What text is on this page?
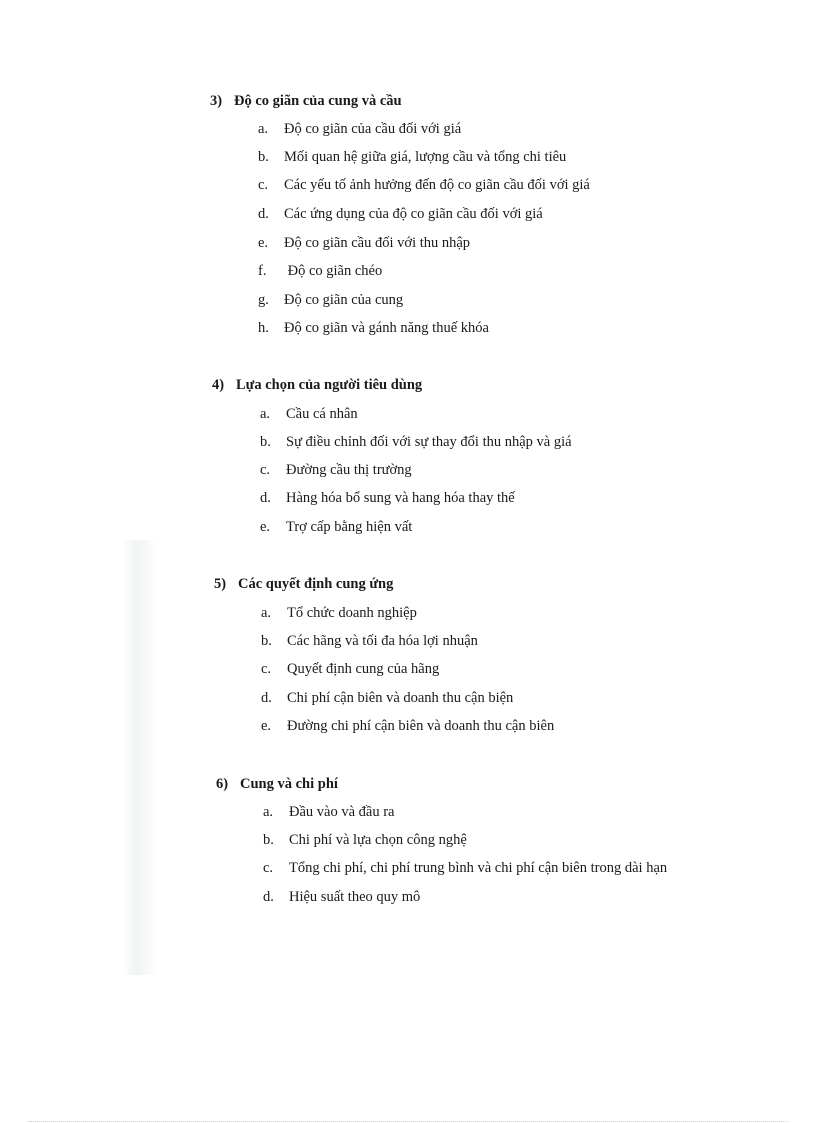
3) Độ co giãn của cung và cầu
a. Độ co giãn của cầu đối với giá
b. Mối quan hệ giữa giá, lượng cầu và tổng chi tiêu
c. Các yếu tố ảnh hưởng đến độ co giãn cầu đối với giá
d. Các ứng dụng của độ co giãn cầu đối với giá
e. Độ co giãn cầu đối với thu nhập
f. Độ co giãn chéo
g. Độ co giãn của cung
h. Độ co giãn và gánh năng thuế khóa
4) Lựa chọn của người tiêu dùng
a. Cầu cá nhân
b. Sự điều chỉnh đối với sự thay đổi thu nhập và giá
c. Đường cầu thị trường
d. Hàng hóa bổ sung và hang hóa thay thế
e. Trợ cấp bằng hiện vất
5) Các quyết định cung ứng
a. Tổ chức doanh nghiệp
b. Các hãng và tối đa hóa lợi nhuận
c. Quyết định cung của hãng
d. Chi phí cận biên và doanh thu cận biện
e. Đường chi phí cận biên và doanh thu cận biên
6) Cung và chi phí
a. Đầu vào và đầu ra
b. Chi phí và lựa chọn công nghệ
c. Tổng chi phí, chi phí trung bình và chi phí cận biên trong dài hạn
d. Hiệu suất theo quy mô
